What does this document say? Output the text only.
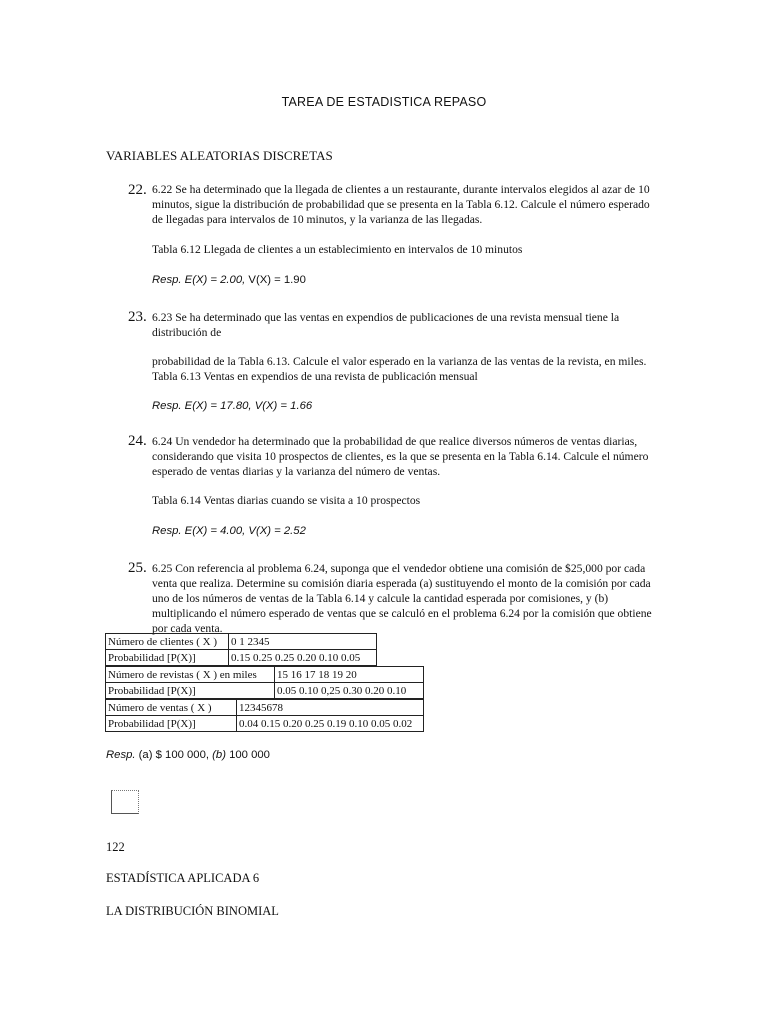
TAREA DE ESTADISTICA REPASO
VARIABLES ALEATORIAS DISCRETAS
22. 6.22 Se ha determinado que la llegada de clientes a un restaurante, durante intervalos elegidos al azar de 10 minutos, sigue la distribución de probabilidad que se presenta en la Tabla 6.12. Calcule el número esperado de llegadas para intervalos de 10 minutos, y la varianza de las llegadas.
Tabla 6.12 Llegada de clientes a un establecimiento en intervalos de 10 minutos
Resp. E(X) = 2.00, V(X) = 1.90
23. 6.23 Se ha determinado que las ventas en expendios de publicaciones de una revista mensual tiene la distribución de
probabilidad de la Tabla 6.13. Calcule el valor esperado en la varianza de las ventas de la revista, en miles.
Tabla 6.13 Ventas en expendios de una revista de publicación mensual
Resp. E(X) = 17.80, V(X) = 1.66
24. 6.24 Un vendedor ha determinado que la probabilidad de que realice diversos números de ventas diarias, considerando que visita 10 prospectos de clientes, es la que se presenta en la Tabla 6.14. Calcule el número esperado de ventas diarias y la varianza del número de ventas.
Tabla 6.14 Ventas diarias cuando se visita a 10 prospectos
Resp. E(X) = 4.00, V(X) = 2.52
25. 6.25 Con referencia al problema 6.24, suponga que el vendedor obtiene una comisión de $25,000 por cada venta que realiza. Determine su comisión diaria esperada (a) sustituyendo el monto de la comisión por cada uno de los números de ventas de la Tabla 6.14 y calcule la cantidad esperada por comisiones, y (b) multiplicando el número esperado de ventas que se calculó en el problema 6.24 por la comisión que obtiene por cada venta.
Número de clientes ( X )	0 1 2345
Probabilidad [P(X)]	0.15 0.25 0.25 0.20 0.10 0.05
Número de revistas ( X ) en miles	15 16 17 18 19 20
Probabilidad [P(X)]	0.05 0.10 0,25 0.30 0.20 0.10
Número de ventas ( X )	12345678
Probabilidad [P(X)]	0.04 0.15 0.20 0.25 0.19 0.10 0.05 0.02
Resp. (a) $ 100 000, (b) 100 000
122
ESTADÍSTICA APLICADA 6
LA DISTRIBUCIÓN BINOMIAL
